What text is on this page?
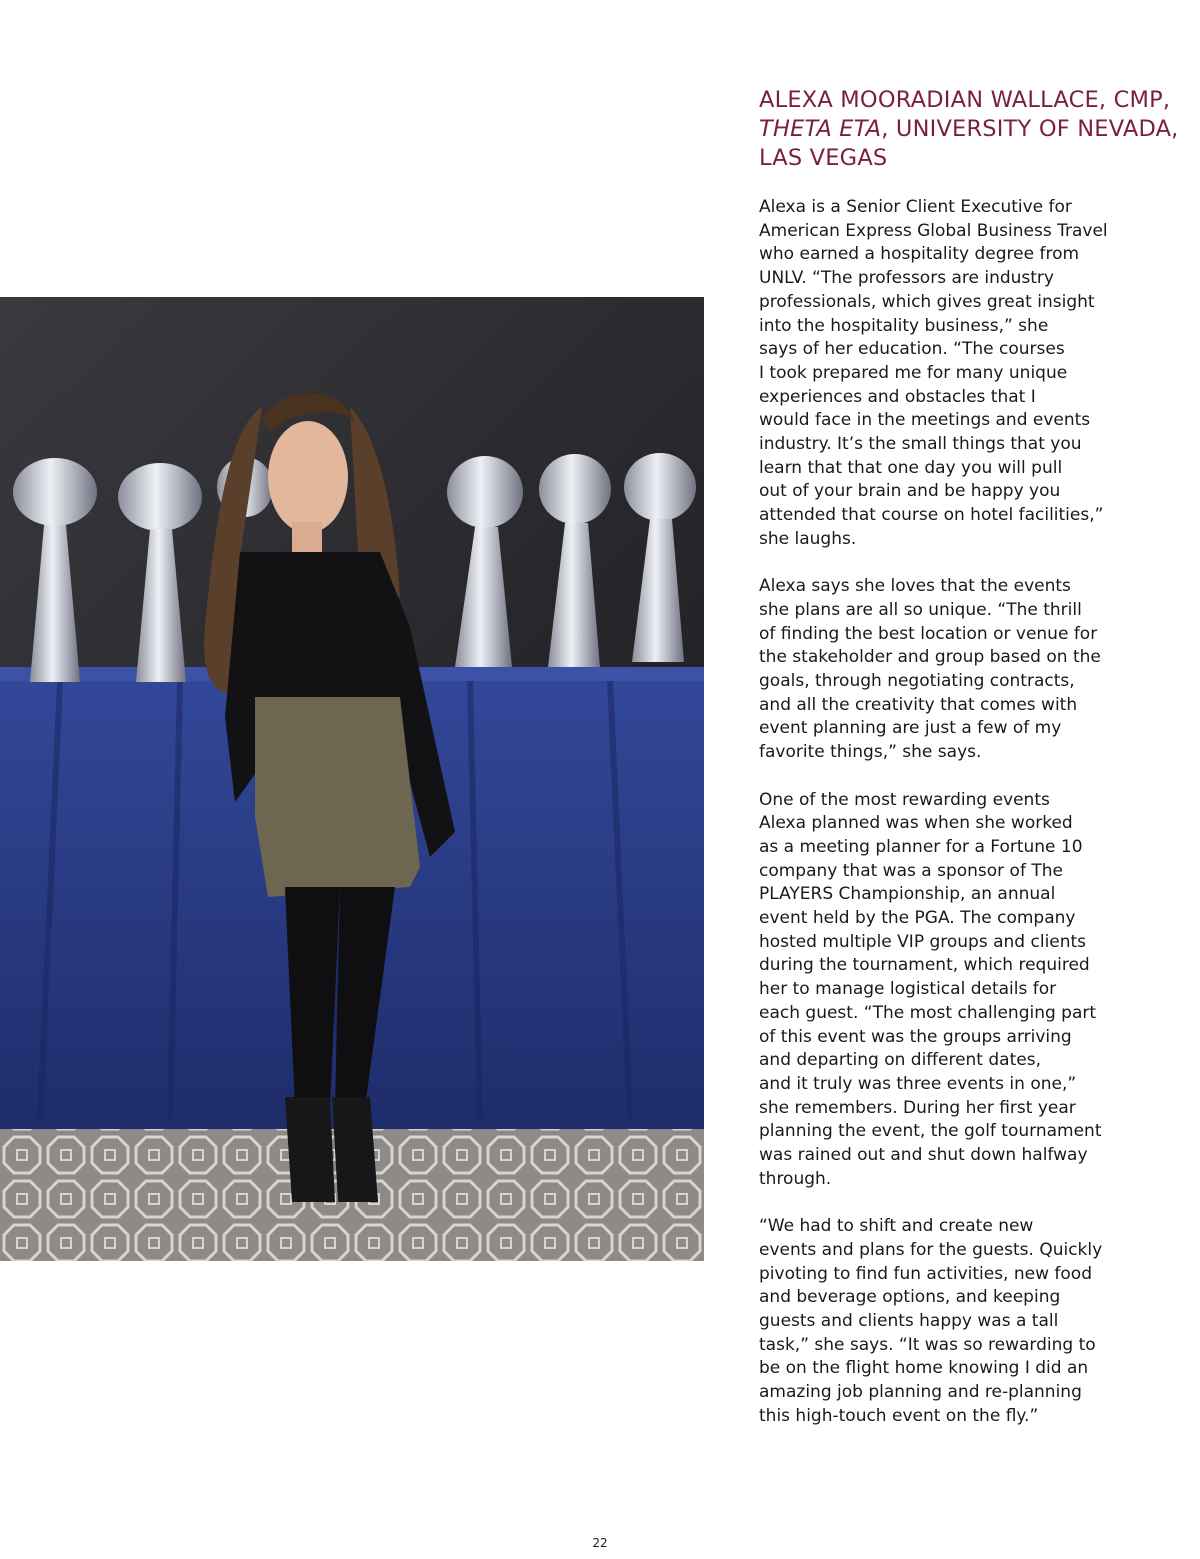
ALEXA MOORADIAN WALLACE, CMP, THETA ETA, UNIVERSITY OF NEVADA, LAS VEGAS

Alexa is a Senior Client Executive for
American Express Global Business Travel
who earned a hospitality degree from
UNLV. “The professors are industry
professionals, which gives great insight
into the hospitality business,” she
says of her education. “The courses
I took prepared me for many unique
experiences and obstacles that I
would face in the meetings and events
industry. It’s the small things that you
learn that that one day you will pull
out of your brain and be happy you
attended that course on hotel facilities,”
she laughs.

Alexa says she loves that the events
she plans are all so unique. “The thrill
of finding the best location or venue for
the stakeholder and group based on the
goals, through negotiating contracts,
and all the creativity that comes with
event planning are just a few of my
favorite things,” she says.

One of the most rewarding events
Alexa planned was when she worked
as a meeting planner for a Fortune 10
company that was a sponsor of The
PLAYERS Championship, an annual
event held by the PGA. The company
hosted multiple VIP groups and clients
during the tournament, which required
her to manage logistical details for
each guest. “The most challenging part
of this event was the groups arriving
and departing on different dates,
and it truly was three events in one,”
she remembers. During her first year
planning the event, the golf tournament
was rained out and shut down halfway
through.

“We had to shift and create new
events and plans for the guests. Quickly
pivoting to find fun activities, new food
and beverage options, and keeping
guests and clients happy was a tall
task,” she says. “It was so rewarding to
be on the flight home knowing I did an
amazing job planning and re-planning
this high-touch event on the fly.”

22
